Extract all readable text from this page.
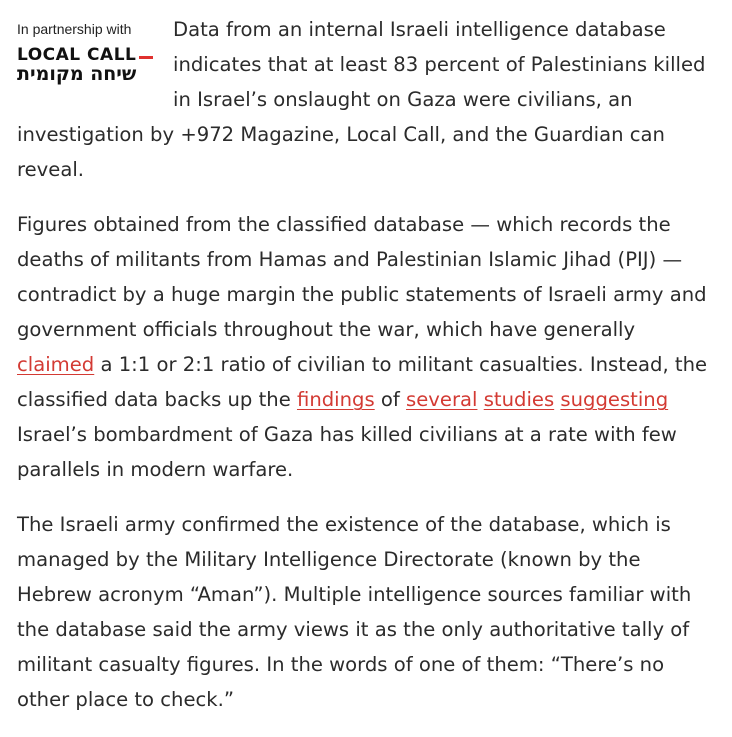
In partnership with
LOCAL CALL
שיחה מקומית
Data from an internal Israeli intelligence database indicates that at least 83 percent of Palestinians killed in Israel’s onslaught on Gaza were civilians, an investigation by +972 Magazine, Local Call, and the Guardian can reveal.

Figures obtained from the classified database — which records the deaths of militants from Hamas and Palestinian Islamic Jihad (PIJ) — contradict by a huge margin the public statements of Israeli army and government officials throughout the war, which have generally claimed a 1:1 or 2:1 ratio of civilian to militant casualties. Instead, the classified data backs up the findings of several studies suggesting Israel’s bombardment of Gaza has killed civilians at a rate with few parallels in modern warfare.

The Israeli army confirmed the existence of the database, which is managed by the Military Intelligence Directorate (known by the Hebrew acronym “Aman”). Multiple intelligence sources familiar with the database said the army views it as the only authoritative tally of militant casualty figures. In the words of one of them: “There’s no other place to check.”
